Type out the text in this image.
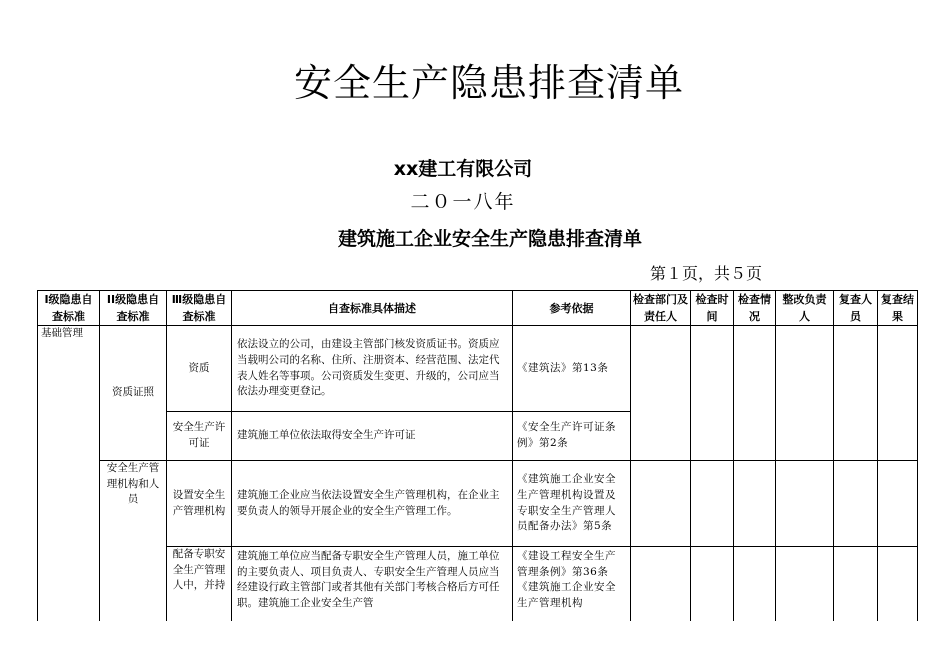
安全生产隐患排查清单
xx建工有限公司
二０一八年
建筑施工企业安全生产隐患排查清单
第１页，共５页
Ⅰ级隐患自查标准	II级隐患自查标准	Ⅲ级隐患自查标准	自查标准具体描述	参考依据	检查部门及责任人	检查时间	检查情况	整改负责人	复查人员	复查结果
基础管理	资质证照	资质	依法设立的公司，由建设主管部门核发资质证书。资质应当载明公司的名称、住所、注册资本、经营范围、法定代表人姓名等事项。公司资质发生变更、升级的，公司应当依法办理变更登记。	《建筑法》第13条						
		安全生产许可证	建筑施工单位依法取得安全生产许可证	《安全生产许可证条例》第2条						
	安全生产管理机构和人员	设置安全生产管理机构	建筑施工企业应当依法设置安全生产管理机构，在企业主要负责人的领导开展企业的安全生产管理工作。	《建筑施工企业安全生产管理机构设置及专职安全生产管理人员配备办法》第5条						

		配备专职安全生产管理人中，并持	建筑施工单位应当配备专职安全生产管理人员，施工单位的主要负责人、项目负责人、专职安全生产管理人员应当经建设行政主管部门或者其他有关部门考核合格后方可任职。建筑施工企业安全生产管	《建设工程安全生产管理条例》第36条《建筑施工企业安全生产管理机构						
